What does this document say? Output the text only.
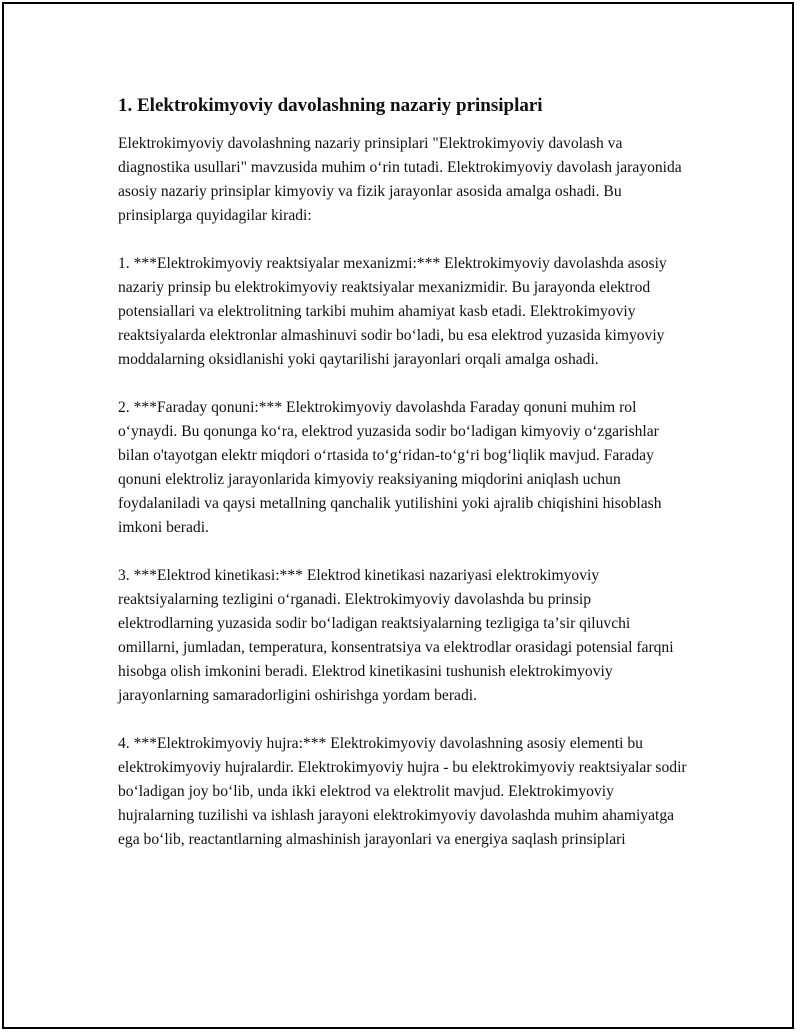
1. Elektrokimyoviy davolashning nazariy prinsiplari

Elektrokimyoviy davolashning nazariy prinsiplari "Elektrokimyoviy davolash va diagnostika usullari" mavzusida muhim oʻrin tutadi. Elektrokimyoviy davolash jarayonida asosiy nazariy prinsiplar kimyoviy va fizik jarayonlar asosida amalga oshadi. Bu prinsiplarga quyidagilar kiradi:

1. ***Elektrokimyoviy reaktsiyalar mexanizmi:*** Elektrokimyoviy davolashda asosiy nazariy prinsip bu elektrokimyoviy reaktsiyalar mexanizmidir. Bu jarayonda elektrod potensiallari va elektrolitning tarkibi muhim ahamiyat kasb etadi. Elektrokimyoviy reaktsiyalarda elektronlar almashinuvi sodir boʻladi, bu esa elektrod yuzasida kimyoviy moddalarning oksidlanishi yoki qaytarilishi jarayonlari orqali amalga oshadi.

2. ***Faraday qonuni:*** Elektrokimyoviy davolashda Faraday qonuni muhim rol oʻynaydi. Bu qonunga koʻra, elektrod yuzasida sodir boʻladigan kimyoviy oʻzgarishlar bilan o'tayotgan elektr miqdori oʻrtasida toʻgʻridan-toʻgʻri bogʻliqlik mavjud. Faraday qonuni elektroliz jarayonlarida kimyoviy reaksiyaning miqdorini aniqlash uchun foydalaniladi va qaysi metallning qanchalik yutilishini yoki ajralib chiqishini hisoblash imkoni beradi.

3. ***Elektrod kinetikasi:*** Elektrod kinetikasi nazariyasi elektrokimyoviy reaktsiyalarning tezligini oʻrganadi. Elektrokimyoviy davolashda bu prinsip elektrodlarning yuzasida sodir boʻladigan reaktsiyalarning tezligiga taʼsir qiluvchi omillarni, jumladan, temperatura, konsentratsiya va elektrodlar orasidagi potensial farqni hisobga olish imkonini beradi. Elektrod kinetikasini tushunish elektrokimyoviy jarayonlarning samaradorligini oshirishga yordam beradi.

4. ***Elektrokimyoviy hujra:*** Elektrokimyoviy davolashning asosiy elementi bu elektrokimyoviy hujralardir. Elektrokimyoviy hujra - bu elektrokimyoviy reaktsiyalar sodir boʻladigan joy boʻlib, unda ikki elektrod va elektrolit mavjud. Elektrokimyoviy hujralarning tuzilishi va ishlash jarayoni elektrokimyoviy davolashda muhim ahamiyatga ega boʻlib, reactantlarning almashinish jarayonlari va energiya saqlash prinsiplari
